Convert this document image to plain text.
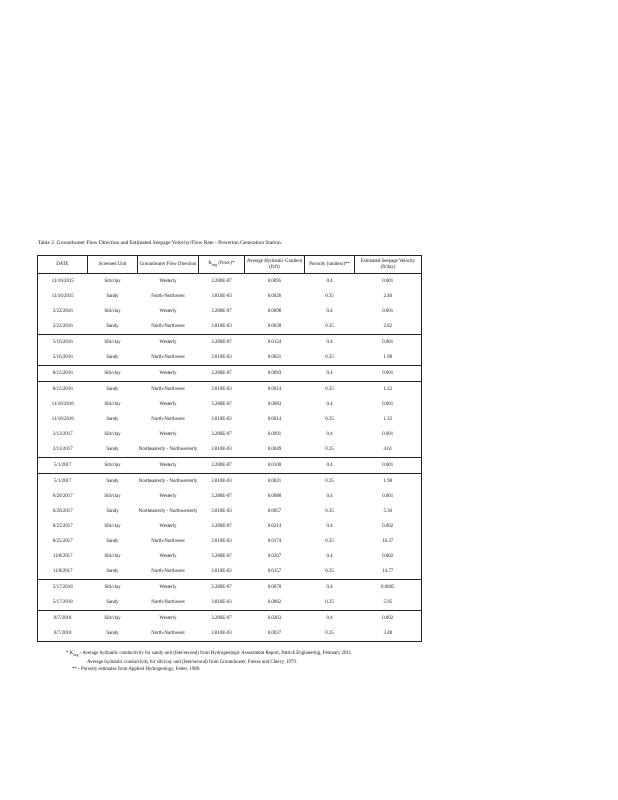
Table 2. Groundwater Flow Direction and Estimated Seepage Velocity/Flow Rate - Powerton Generation Station.
DATE	Screened Unit	Groundwater Flow Direction	$K_{avg}$ (ft/sec)*	Average Hydraulic Gradient (ft/ft)	Porosity (unitless)**	Estimated Seepage Velocity (ft/day)
11/16/2015	Silt/clay	Westerly	3.280E-07	0.0095	0.4	0.001
11/16/2015	Sandy	North-Northwest	3.810E-03	0.0026	0.35	2.40
2/22/2016	Silt/clay	Westerly	3.280E-07	0.0098	0.4	0.001
2/22/2016	Sandy	North-Northwest	3.810E-03	0.0030	0.35	2.82
5/16/2016	Silt/clay	Westerly	3.280E-07	0.0124	0.4	0.001
5/16/2016	Sandy	North-Northwest	3.810E-03	0.0021	0.35	1.98
8/15/2016	Silt/clay	Westerly	3.280E-07	0.0093	0.4	0.001
8/15/2016	Sandy	North-Northwest	3.810E-03	0.0014	0.35	1.32
11/16/2016	Silt/clay	Westerly	3.280E-07	0.0083	0.4	0.001
11/16/2016	Sandy	North-Northwest	3.810E-03	0.0014	0.35	1.32
2/13/2017	Silt/clay	Westerly	3.280E-07	0.0091	0.4	0.001
2/13/2017	Sandy	Northeasterly - Northwesterly	3.810E-03	0.0049	0.35	4.61
5/1/2017	Silt/clay	Westerly	3.280E-07	0.0100	0.4	0.001
5/1/2017	Sandy	Northeasterly - Northwesterly	3.810E-03	0.0021	0.35	1.98
6/20/2017	Silt/clay	Westerly	3.280E-07	0.0088	0.4	0.001
6/20/2017	Sandy	Northeasterly - Northwesterly	3.810E-03	0.0057	0.35	5.36
8/25/2017	Silt/clay	Westerly	3.280E-07	0.0214	0.4	0.002
8/25/2017	Sandy	North-Northwest	3.810E-03	0.0174	0.35	16.37
11/8/2017	Silt/clay	Westerly	3.280E-07	0.0267	0.4	0.002
11/8/2017	Sandy	North-Northwest	3.810E-03	0.0157	0.35	14.77
5/17/2018	Silt/clay	Westerly	3.280E-07	0.0070	0.4	0.0005
5/17/2018	Sandy	North-Northwest	3.810E-03	0.0062	0.35	5.95
8/7/2018	Silt/clay	Westerly	3.280E-07	0.0263	0.4	0.002
8/7/2018	Sandy	North-Northwest	3.810E-03	0.0037	0.35	3.48
* $K_{avg}$ - Average hydraulic conductivity for sandy unit (feet/second) from Hydrogeologic Assessment Report, Patrick Engineering, February 2011.
Average hydraulic conductivity for silt/clay unit (feet/second) from Groundwater, Freeze and Cherry, 1979.
** - Porosity estimates from Applied Hydrogeology, Fetter, 1980.
